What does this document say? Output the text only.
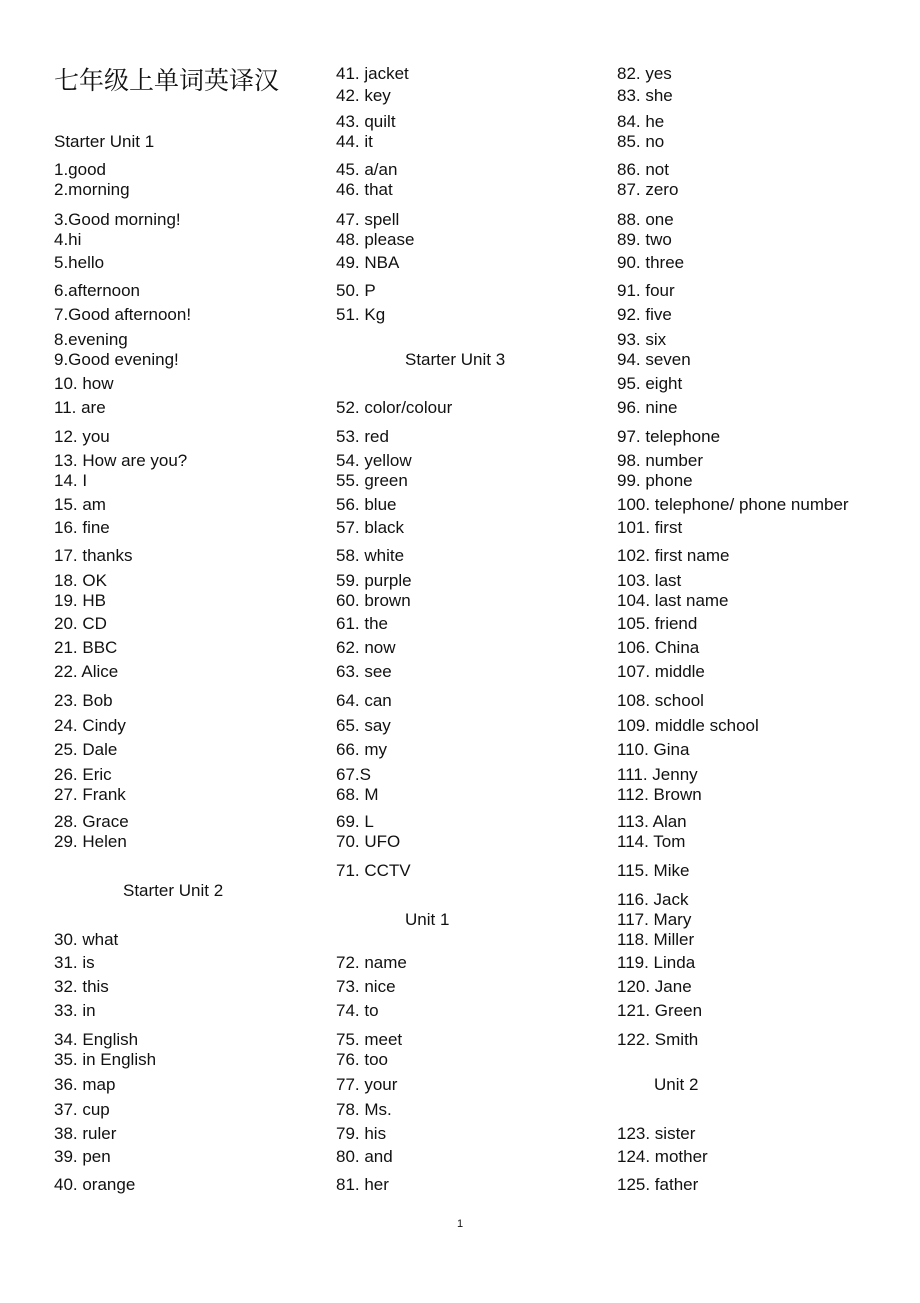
七年级上单词英译汉
Starter Unit 1
Starter Unit 2
1.good
2.morning
3.Good morning!
4.hi
5.hello
6.afternoon
7.Good afternoon!
8.evening
9.Good evening!
10. how
11. are
12. you
13. How are you?
14. I
15. am
16. fine
17. thanks
18. OK
19. HB
20. CD
21. BBC
22. Alice
23. Bob
24. Cindy
25. Dale
26. Eric
27. Frank
28. Grace
29. Helen
30. what
31. is
32. this
33. in
34. English
35. in English
36. map
37. cup
38. ruler
39. pen
40. orange
Starter Unit 3
Unit 1
41. jacket
42. key
43. quilt
44. it
45. a/an
46. that
47. spell
48. please
49. NBA
50. P
51. Kg
52. color/colour
53. red
54. yellow
55. green
56. blue
57. black
58. white
59. purple
60. brown
61. the
62. now
63. see
64. can
65. say
66. my
67.S
68. M
69. L
70. UFO
71. CCTV
72. name
73. nice
74. to
75. meet
76. too
77. your
78. Ms.
79. his
80. and
81. her
Unit 2
82. yes
83. she
84. he
85. no
86. not
87. zero
88. one
89. two
90. three
91. four
92. five
93. six
94. seven
95. eight
96. nine
97. telephone
98. number
99. phone
100. telephone/ phone number
101. first
102. first name
103. last
104. last name
105. friend
106. China
107. middle
108. school
109. middle school
110. Gina
111. Jenny
112. Brown
113. Alan
114. Tom
115. Mike
116. Jack
117. Mary
118. Miller
119. Linda
120. Jane
121. Green
122. Smith
123. sister
124. mother
125. father
1
